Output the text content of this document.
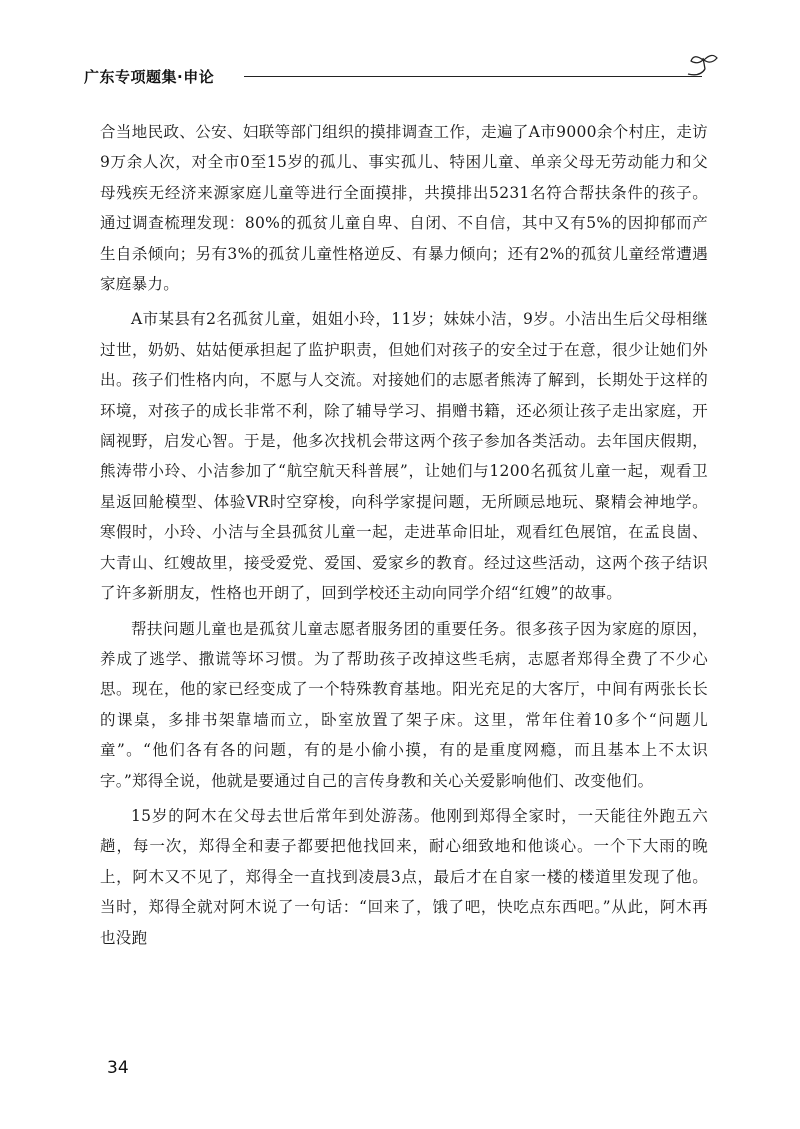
广东专项题集·申论

合当地民政、公安、妇联等部门组织的摸排调查工作，走遍了A市9000余个村庄，走访9万余人次，对全市0至15岁的孤儿、事实孤儿、特困儿童、单亲父母无劳动能力和父母残疾无经济来源家庭儿童等进行全面摸排，共摸排出5231名符合帮扶条件的孩子。通过调查梳理发现：80%的孤贫儿童自卑、自闭、不自信，其中又有5%的因抑郁而产生自杀倾向；另有3%的孤贫儿童性格逆反、有暴力倾向；还有2%的孤贫儿童经常遭遇家庭暴力。

A市某县有2名孤贫儿童，姐姐小玲，11岁；妹妹小洁，9岁。小洁出生后父母相继过世，奶奶、姑姑便承担起了监护职责，但她们对孩子的安全过于在意，很少让她们外出。孩子们性格内向，不愿与人交流。对接她们的志愿者熊涛了解到，长期处于这样的环境，对孩子的成长非常不利，除了辅导学习、捐赠书籍，还必须让孩子走出家庭，开阔视野，启发心智。于是，他多次找机会带这两个孩子参加各类活动。去年国庆假期，熊涛带小玲、小洁参加了“航空航天科普展”，让她们与1200名孤贫儿童一起，观看卫星返回舱模型、体验VR时空穿梭，向科学家提问题，无所顾忌地玩、聚精会神地学。寒假时，小玲、小洁与全县孤贫儿童一起，走进革命旧址，观看红色展馆，在孟良崮、大青山、红嫂故里，接受爱党、爱国、爱家乡的教育。经过这些活动，这两个孩子结识了许多新朋友，性格也开朗了，回到学校还主动向同学介绍“红嫂”的故事。

帮扶问题儿童也是孤贫儿童志愿者服务团的重要任务。很多孩子因为家庭的原因，养成了逃学、撒谎等坏习惯。为了帮助孩子改掉这些毛病，志愿者郑得全费了不少心思。现在，他的家已经变成了一个特殊教育基地。阳光充足的大客厅，中间有两张长长的课桌，多排书架靠墙而立，卧室放置了架子床。这里，常年住着10多个“问题儿童”。“他们各有各的问题，有的是小偷小摸，有的是重度网瘾，而且基本上不太识字。”郑得全说，他就是要通过自己的言传身教和关心关爱影响他们、改变他们。

15岁的阿木在父母去世后常年到处游荡。他刚到郑得全家时，一天能往外跑五六趟，每一次，郑得全和妻子都要把他找回来，耐心细致地和他谈心。一个下大雨的晚上，阿木又不见了，郑得全一直找到凌晨3点，最后才在自家一楼的楼道里发现了他。当时，郑得全就对阿木说了一句话：“回来了，饿了吧，快吃点东西吧。”从此，阿木再也没跑

34
